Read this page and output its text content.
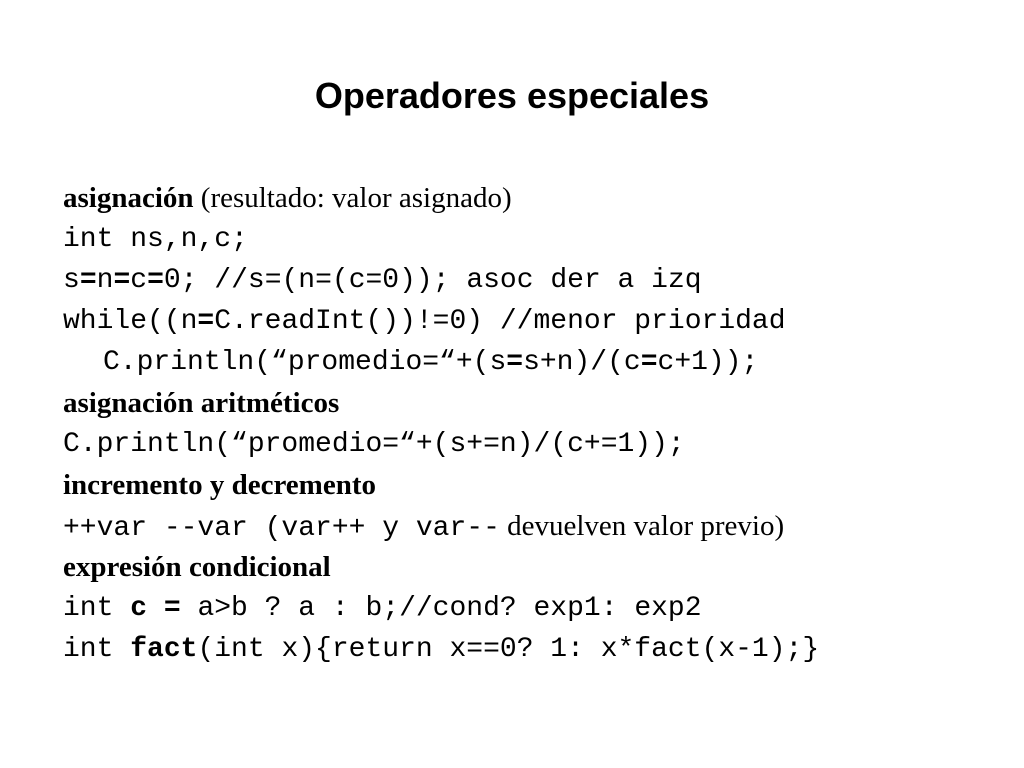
Operadores especiales
asignación (resultado: valor asignado)
int ns,n,c;
s=n=c=0; //s=(n=(c=0)); asoc der a izq
while((n=C.readInt())!=0) //menor prioridad
C.println(“promedio=“+(s=s+n)/(c=c+1));
asignación aritméticos
C.println(“promedio=“+(s+=n)/(c+=1));
incremento y decremento
++var --var (var++ y var-- devuelven valor previo)
expresión condicional
int c = a>b ? a : b;//cond? exp1: exp2
int fact(int x){return x==0? 1: x*fact(x-1);}
